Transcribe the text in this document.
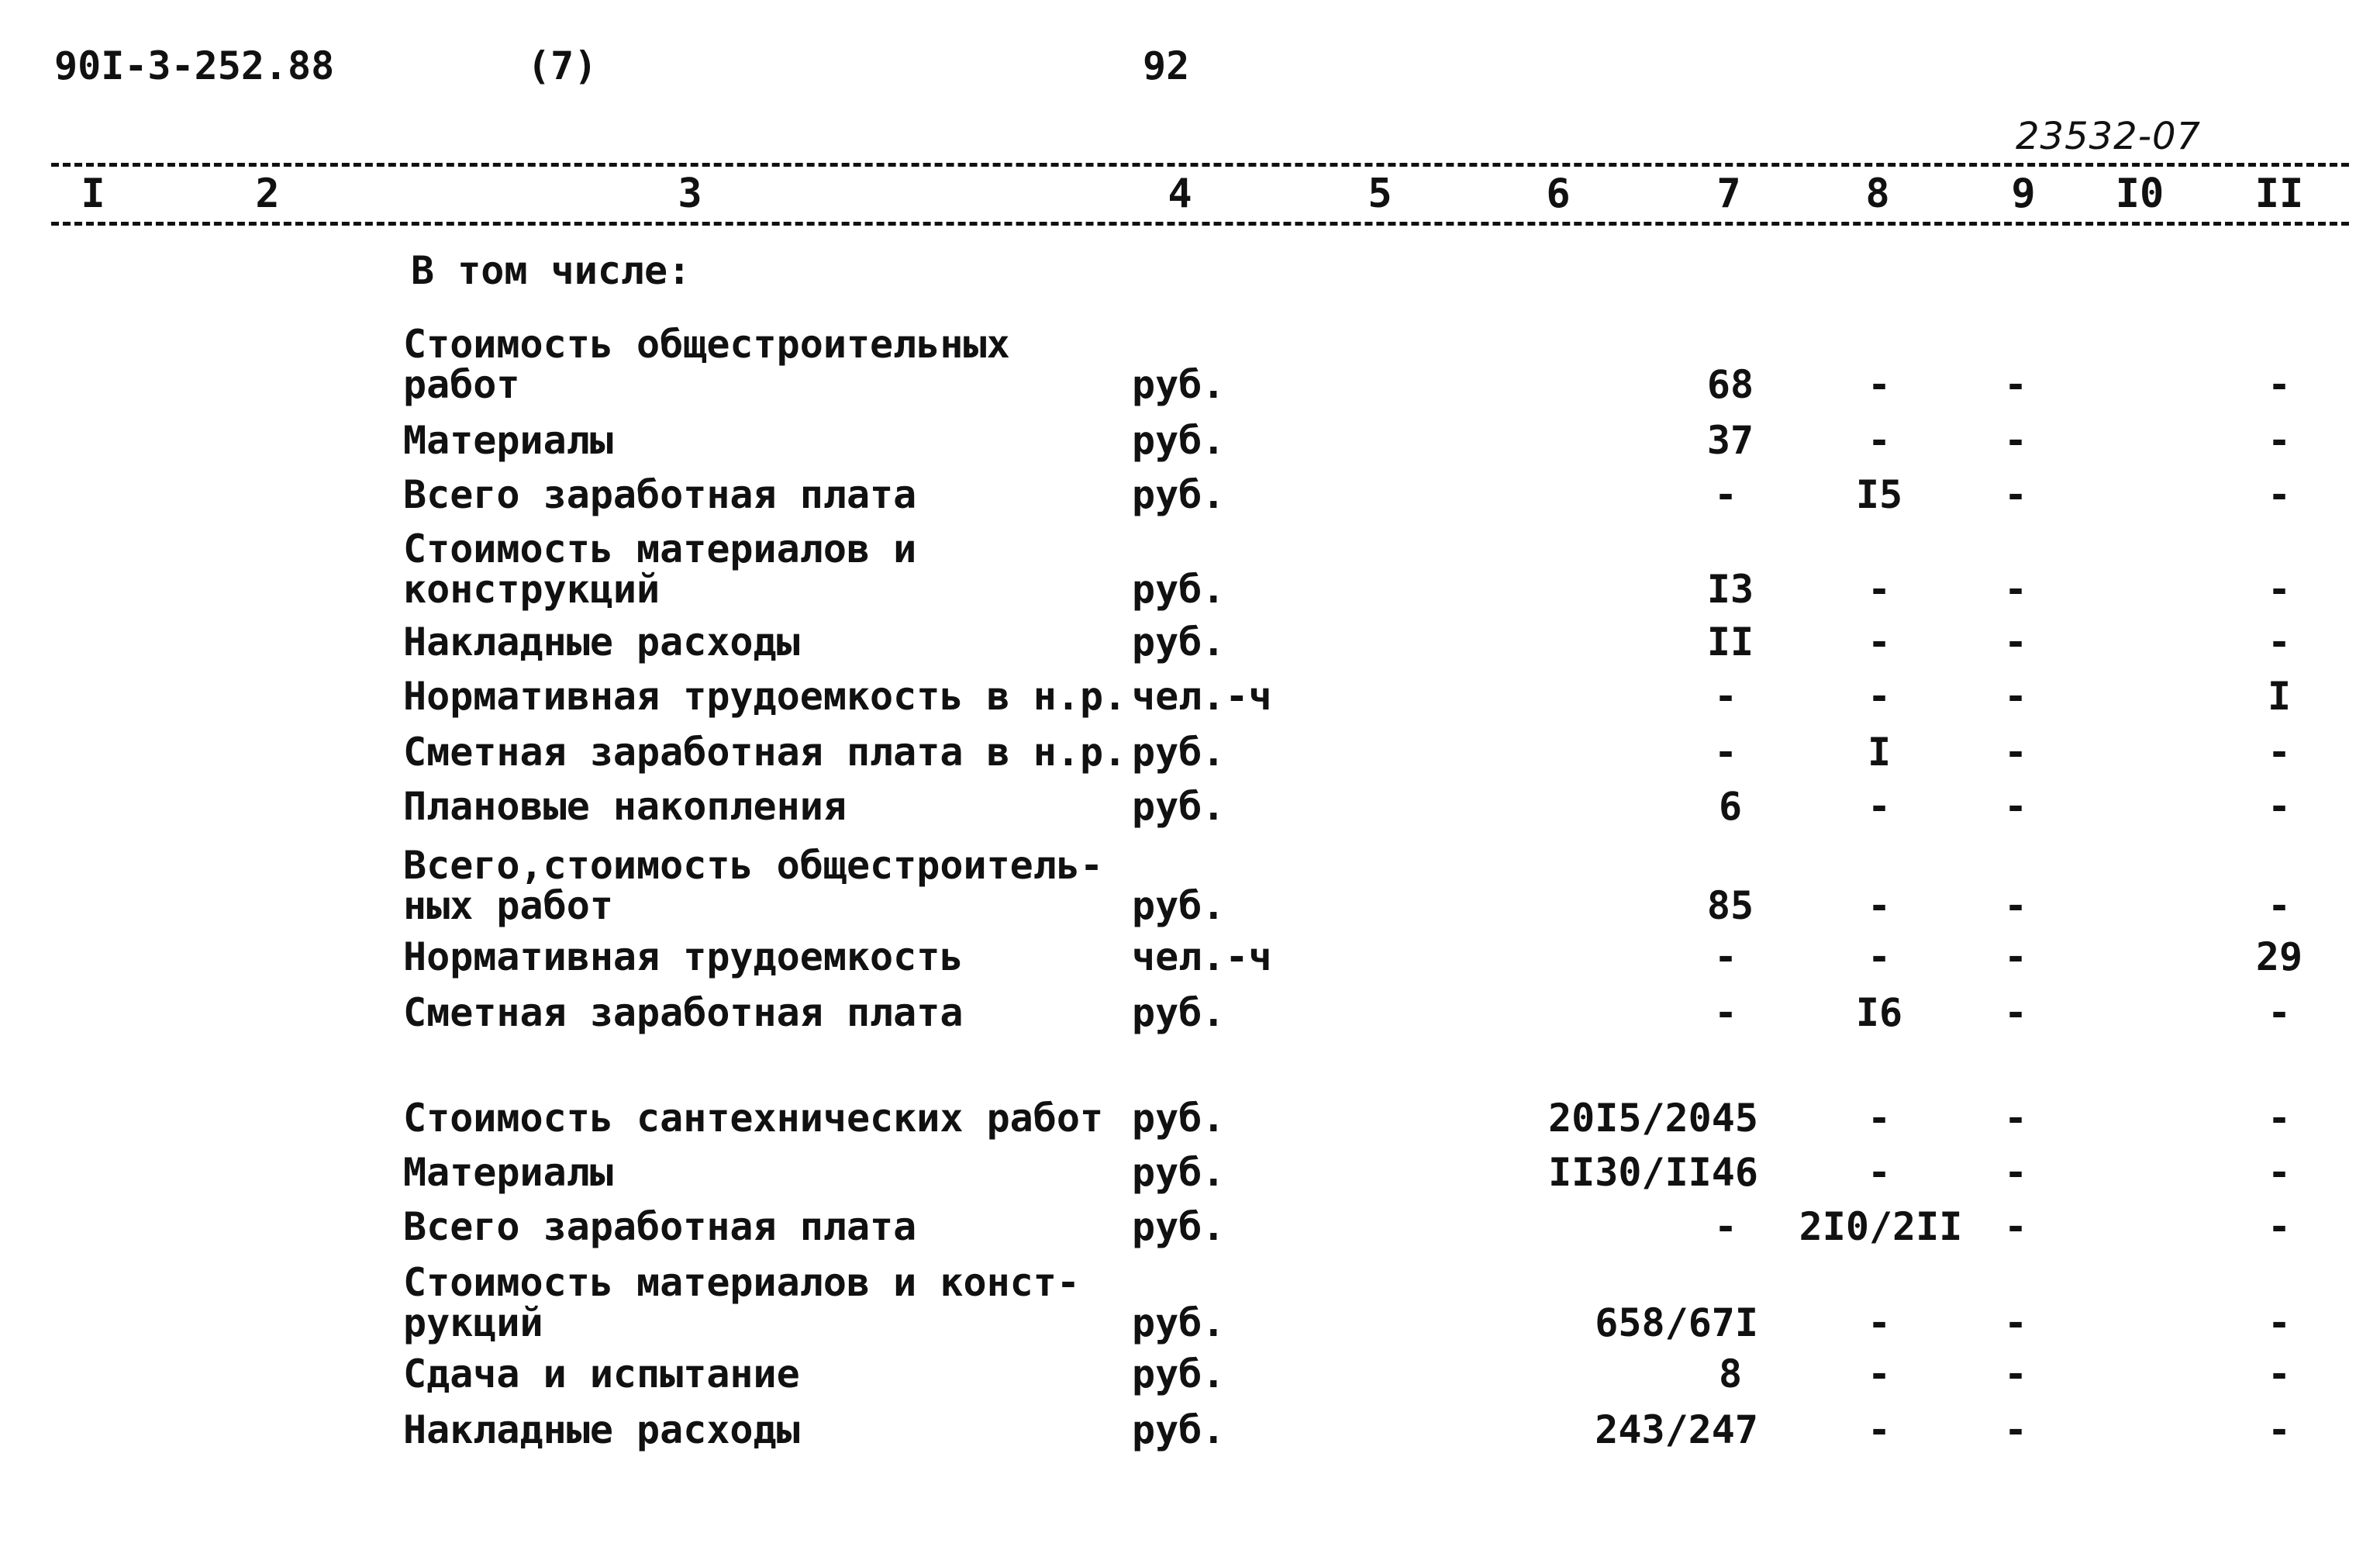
90I-3-252.88	(7)	92
23532-07
I	2	3	4	5	6	7	8	9 I0 II
В том числе:
Стоимость общестроительных
работ	руб.	68	-	-	-
Материалы	руб.	37	-	-	-
Всего заработная плата	руб.	-	I5	-	-
Стоимость материалов и
конструкций	руб.	I3	-	-	-
Накладные расходы	руб.	II	-	-	-
Нормативная трудоемкость в н.р. чел.-ч	-	-	-	I
Сметная заработная плата в н.р. руб.	-	I	-	-
Плановые накопления	руб.	6	-	-	-
Всего,стоимость общестроитель-
ных работ	руб.	85	-	-	-
Нормативная трудоемкость	чел.-ч	-	-	-	29
Сметная заработная плата	руб.	-	I6	-	-
Стоимость сантехнических работ руб.	20I5/2045	-	-	-
Материалы	руб.	II30/II46	-	-	-
Всего заработная плата	руб.	- 2I0/2II -	-
Стоимость материалов и конст-
рукций	руб.	658/67I	-	-	-
Сдача и испытание	руб.	8	-	-	-
Накладные расходы	руб.	243/247	-	-	-
